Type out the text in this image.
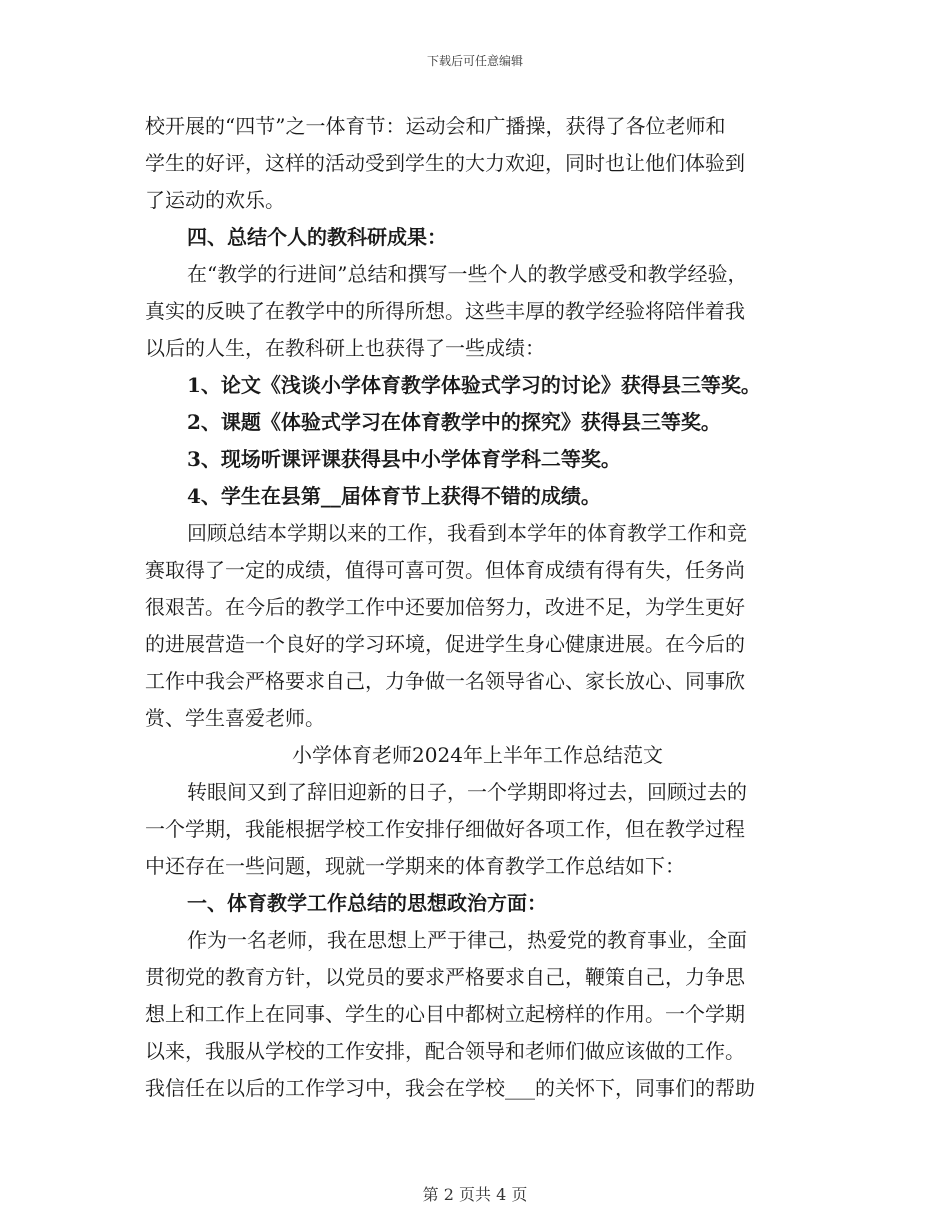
下载后可任意编辑
校开展的“四节”之一体育节：运动会和广播操，获得了各位老师和
学生的好评，这样的活动受到学生的大力欢迎，同时也让他们体验到
了运动的欢乐。
四、总结个人的教科研成果：
在“教学的行进间”总结和撰写一些个人的教学感受和教学经验，
真实的反映了在教学中的所得所想。这些丰厚的教学经验将陪伴着我
以后的人生，在教科研上也获得了一些成绩：
1、论文《浅谈小学体育教学体验式学习的讨论》获得县三等奖。
2、课题《体验式学习在体育教学中的探究》获得县三等奖。
3、现场听课评课获得县中小学体育学科二等奖。
4、学生在县第__届体育节上获得不错的成绩。
回顾总结本学期以来的工作，我看到本学年的体育教学工作和竞
赛取得了一定的成绩，值得可喜可贺。但体育成绩有得有失，任务尚
很艰苦。在今后的教学工作中还要加倍努力，改进不足，为学生更好
的进展营造一个良好的学习环境，促进学生身心健康进展。在今后的
工作中我会严格要求自己，力争做一名领导省心、家长放心、同事欣
赏、学生喜爱老师。
小学体育老师2024年上半年工作总结范文
转眼间又到了辞旧迎新的日子，一个学期即将过去，回顾过去的
一个学期，我能根据学校工作安排仔细做好各项工作，但在教学过程
中还存在一些问题，现就一学期来的体育教学工作总结如下：
一、体育教学工作总结的思想政治方面：
作为一名老师，我在思想上严于律己，热爱党的教育事业，全面
贯彻党的教育方针，以党员的要求严格要求自己，鞭策自己，力争思
想上和工作上在同事、学生的心目中都树立起榜样的作用。一个学期
以来，我服从学校的工作安排，配合领导和老师们做应该做的工作。
我信任在以后的工作学习中，我会在学校___的关怀下，同事们的帮助
第 2 页共 4 页
